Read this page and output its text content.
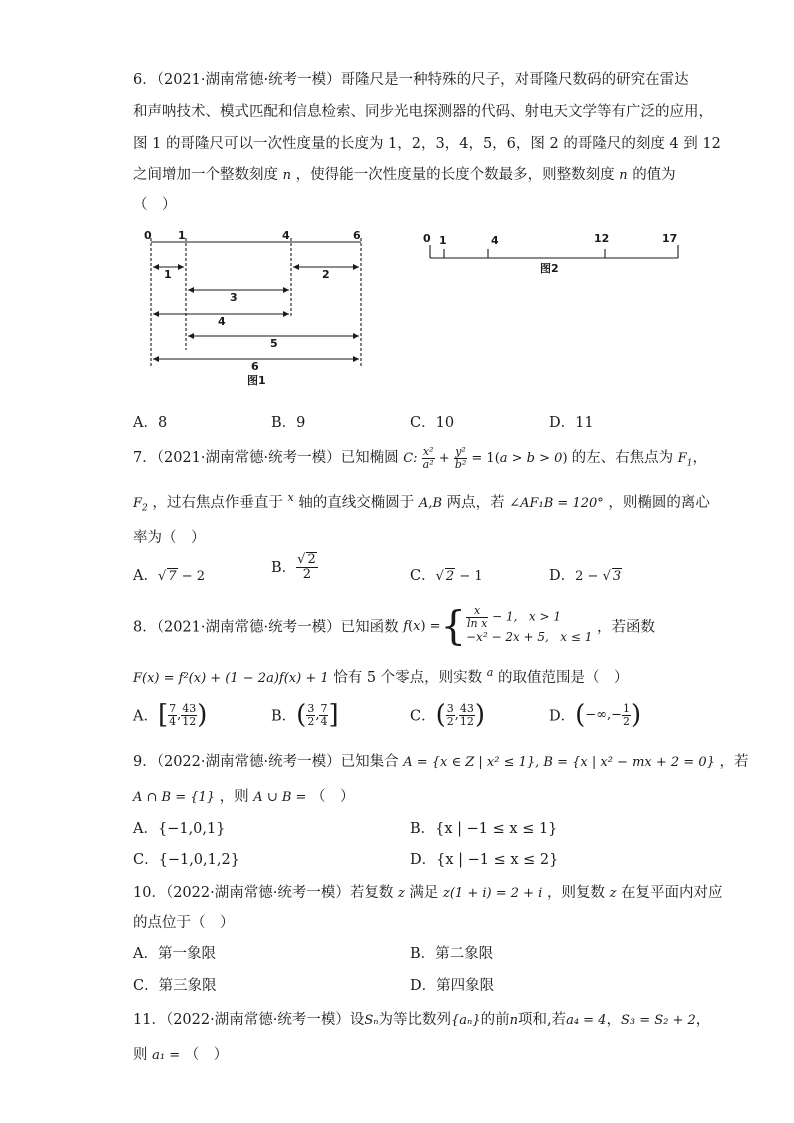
6．（2021·湖南常德·统考一模）哥隆尺是一种特殊的尺子，对哥隆尺数码的研究在雷达
和声呐技术、模式匹配和信息检索、同步光电探测器的代码、射电天文学等有广泛的应用，
图 1 的哥隆尺可以一次性度量的长度为 1，2，3，4，5，6，图 2 的哥隆尺的刻度 4 到 12
之间增加一个整数刻度 n ，使得能一次性度量的长度个数最多，则整数刻度 n 的值为
（　）
0 1	4	6
1	2
3
4
5
6
图1
0 1	4	12	17
图2
A．8	B．9	C．10	D．11
7．（2021·湖南常德·统考一模）已知椭圆 C: $\frac{\text{x²}}{\text{a²}} + \frac{\text{y²}}{\text{b²}} = 1(a > b > 0)$ 的左、右焦点为 $F_1$，
$F_2$ ，过右焦点作垂直于 $^x$ 轴的直线交椭圆于 A,B 两点，若 ∠AF₁B = 120° ，则椭圆的离心
率为（　）
A．√ 7 − 2
B． $\frac{√ 2}{2}$	C．√ 2 − 1	D．2 − √ 3
8．（2021·湖南常德·统考一模）已知函数 f(x) ={ $\frac{x}{\text{ln x}} - 1$,   x > 1
−x² − 2x + 5,   x ≤ 1
，若函数
F(x) = f²(x) + (1 − 2a)f(x) + 1 恰有 5 个零点，则实数 $^a$ 的取值范围是（　）
A．[ $\frac{7}{4}$ , $\frac{43}{12}$ )	B．( $\frac{3}{2}$ , $\frac{7}{4}$ ]	C．( $\frac{3}{2}$ , $\frac{43}{12}$ )	D．(−∞,− $\frac{1}{2}$ )
9．（2022·湖南常德·统考一模）已知集合 A = {x ∈ Z | x² ≤ 1}, B = {x | x² − mx + 2 = 0} ，若
A ∩ B = {1} ，则 A ∪ B = （　）
A．{−1,0,1}	B．{x | −1 ≤ x ≤ 1}
C．{−1,0,1,2}	D．{x | −1 ≤ x ≤ 2}
10．（2022·湖南常德·统考一模）若复数 z 满足 z(1 + i) = 2 + i ，则复数 z 在复平面内对应
的点位于（　）
A．第一象限	B．第二象限
C．第三象限	D．第四象限
11．（2022·湖南常德·统考一模）设Sₙ为等比数列{aₙ}的前n项和,若a₄ = 4，S₃ = S₂ + 2，
则 a₁ = （　）
